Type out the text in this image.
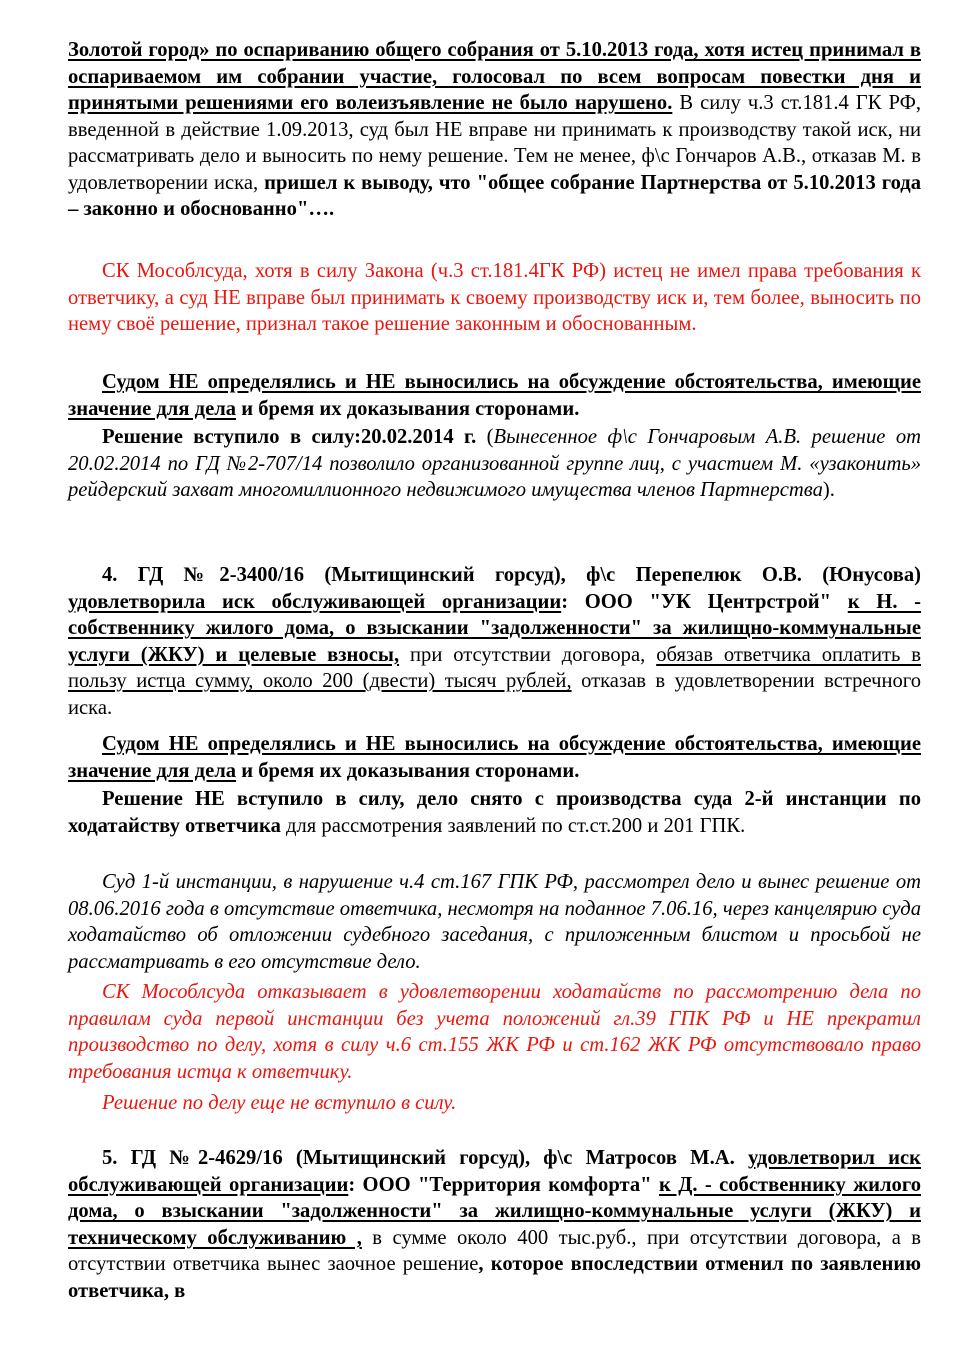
Золотой город» по оспариванию общего собрания от 5.10.2013 года, хотя истец принимал в оспариваемом им собрании участие, голосовал по всем вопросам повестки дня и принятыми решениями его волеизъявление не было нарушено. В силу ч.3 ст.181.4 ГК РФ, введенной в действие 1.09.2013, суд был НЕ вправе ни принимать к производству такой иск, ни рассматривать дело и выносить по нему решение. Тем не менее, ф\с Гончаров А.В., отказав М. в удовлетворении иска, пришел к выводу, что "общее собрание Партнерства от 5.10.2013 года – законно и обоснованно"….

СК Мособлсуда, хотя в силу Закона (ч.3 ст.181.4ГК РФ) истец не имел права требования к ответчику, а суд НЕ вправе был принимать к своему производству иск и, тем более, выносить по нему своё решение, признал такое решение законным и обоснованным.

Судом НЕ определялись и НЕ выносились на обсуждение обстоятельства, имеющие значение для дела и бремя их доказывания сторонами.

Решение вступило в силу:20.02.2014 г. (Вынесенное ф\с Гончаровым А.В. решение от 20.02.2014 по ГД №2-707/14 позволило организованной группе лиц, с участием М. «узаконить» рейдерский захват многомиллионного недвижимого имущества членов Партнерства).

4. ГД №2-3400/16 (Мытищинский горсуд), ф\с Перепелюк О.В. (Юнусова) удовлетворила иск обслуживающей организации: ООО "УК Центрстрой" к Н. - собственнику жилого дома, о взыскании "задолженности" за жилищно-коммунальные услуги (ЖКУ) и целевые взносы, при отсутствии договора, обязав ответчика оплатить в пользу истца сумму, около 200 (двести) тысяч рублей, отказав в удовлетворении встречного иска.

Судом НЕ определялись и НЕ выносились на обсуждение обстоятельства, имеющие значение для дела и бремя их доказывания сторонами.

Решение НЕ вступило в силу, дело снято с производства суда 2-й инстанции по ходатайству ответчика для рассмотрения заявлений по ст.ст.200 и 201 ГПК.

Суд 1-й инстанции, в нарушение ч.4 ст.167 ГПК РФ, рассмотрел дело и вынес решение от 08.06.2016 года в отсутствие ответчика, несмотря на поданное 7.06.16, через канцелярию суда ходатайство об отложении судебного заседания, с приложенным блистом и просьбой не рассматривать в его отсутствие дело.

СК Мособлсуда отказывает в удовлетворении ходатайств по рассмотрению дела по правилам суда первой инстанции без учета положений гл.39 ГПК РФ и НЕ прекратил производство по делу, хотя в силу ч.6 ст.155 ЖК РФ и ст.162 ЖК РФ отсутствовало право требования истца к ответчику.

Решение по делу еще не вступило в силу.

5. ГД №2-4629/16 (Мытищинский горсуд), ф\с Матросов М.А. удовлетворил иск обслуживающей организации: ООО "Территория комфорта" к Д. - собственнику жилого дома, о взыскании "задолженности" за жилищно-коммунальные услуги (ЖКУ) и техническому обслуживанию , в сумме около 400 тыс.руб., при отсутствии договора, а в отсутствии ответчика вынес заочное решение, которое впоследствии отменил по заявлению ответчика, в
